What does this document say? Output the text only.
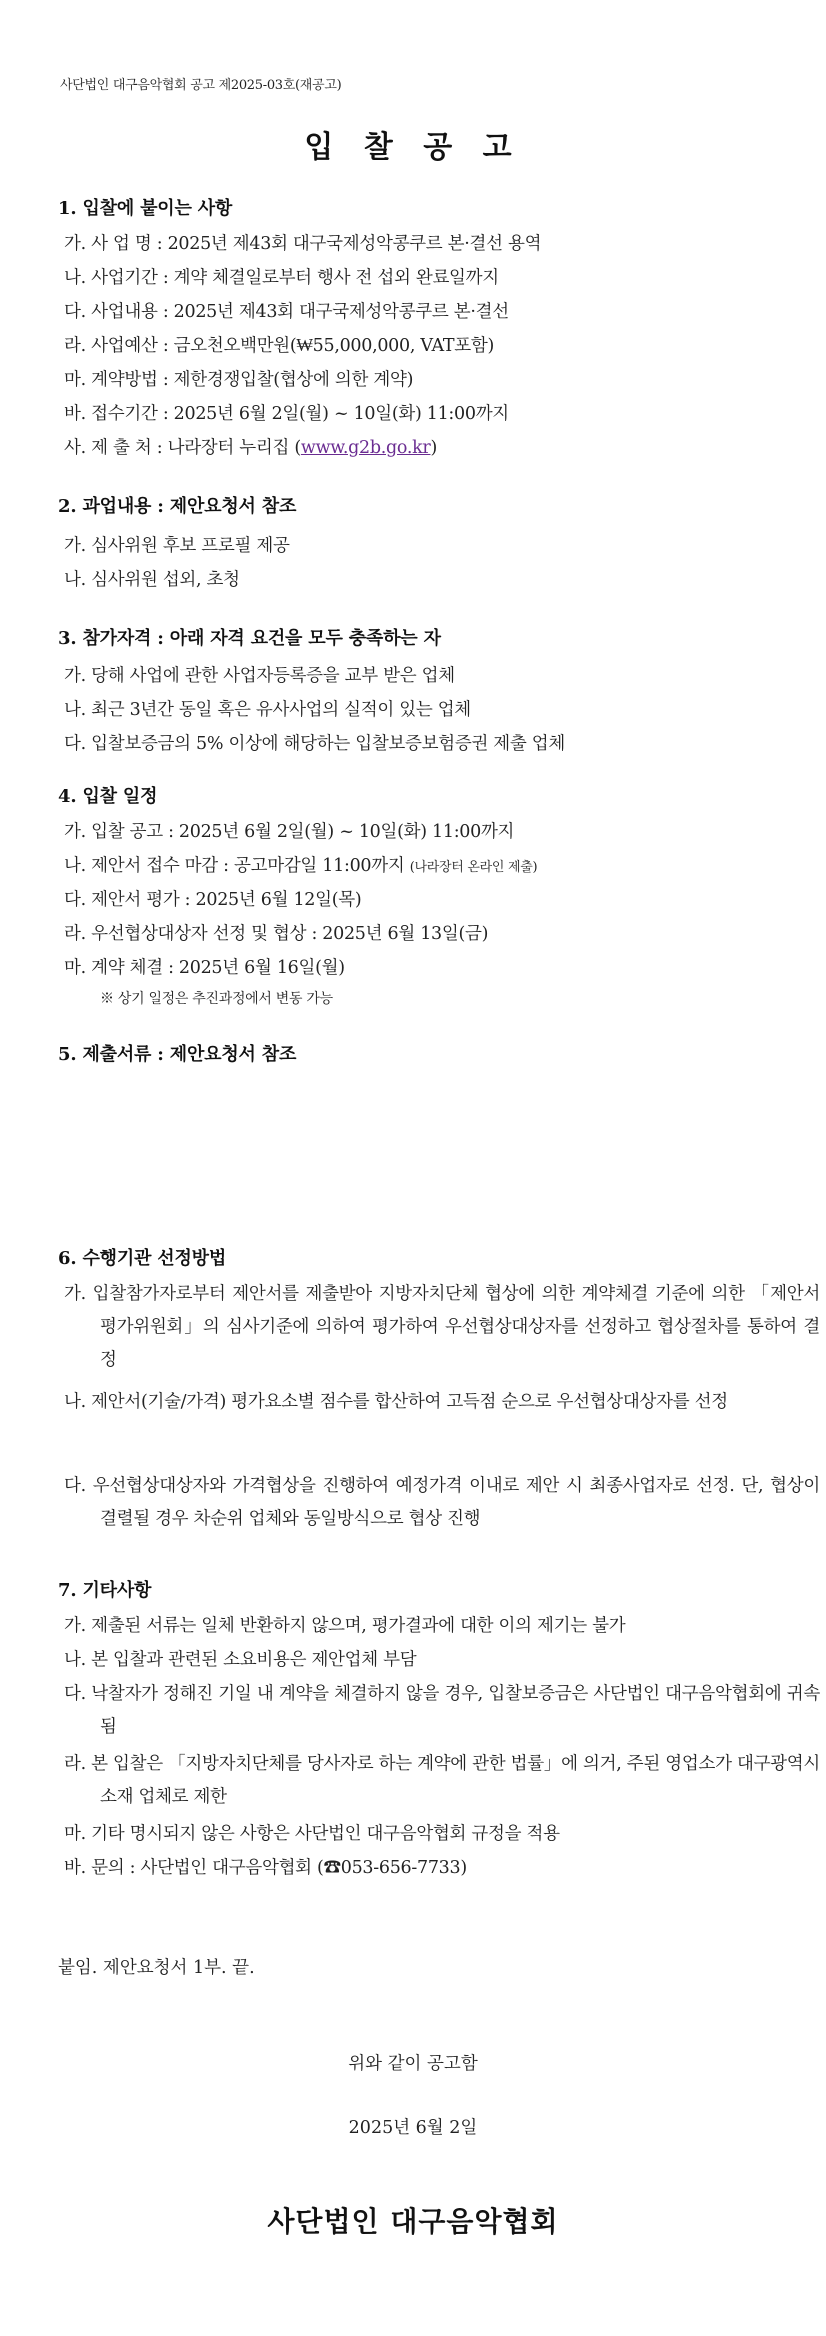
사단법인 대구음악협회 공고 제2025-03호(재공고)
입 찰 공 고
1. 입찰에 붙이는 사항
가. 사 업 명 : 2025년 제43회 대구국제성악콩쿠르 본·결선 용역
나. 사업기간 : 계약 체결일로부터 행사 전 섭외 완료일까지
다. 사업내용 : 2025년 제43회 대구국제성악콩쿠르 본·결선
라. 사업예산 : 금오천오백만원(₩55,000,000, VAT포함)
마. 계약방법 : 제한경쟁입찰(협상에 의한 계약)
바. 접수기간 : 2025년 6월 2일(월) ~ 10일(화) 11:00까지
사. 제 출 처 : 나라장터 누리집 (www.g2b.go.kr)
2. 과업내용 : 제안요청서 참조
가. 심사위원 후보 프로필 제공
나. 심사위원 섭외, 초청
3. 참가자격 : 아래 자격 요건을 모두 충족하는 자
가. 당해 사업에 관한 사업자등록증을 교부 받은 업체
나. 최근 3년간 동일 혹은 유사사업의 실적이 있는 업체
다. 입찰보증금의 5% 이상에 해당하는 입찰보증보험증권 제출 업체
4. 입찰 일정
가. 입찰 공고 : 2025년 6월 2일(월) ~ 10일(화) 11:00까지
나. 제안서 접수 마감 : 공고마감일 11:00까지 (나라장터 온라인 제출)
다. 제안서 평가 : 2025년 6월 12일(목)
라. 우선협상대상자 선정 및 협상 : 2025년 6월 13일(금)
마. 계약 체결 : 2025년 6월 16일(월)
※ 상기 일정은 추진과정에서 변동 가능
5. 제출서류 : 제안요청서 참조
6. 수행기관 선정방법
가. 입찰참가자로부터 제안서를 제출받아 지방자치단체 협상에 의한 계약체결 기준에 의한 「제안서 평가위원회」의 심사기준에 의하여 평가하여 우선협상대상자를 선정하고 협상절차를 통하여 결정
나. 제안서(기술/가격) 평가요소별 점수를 합산하여 고득점 순으로 우선협상대상자를 선정
다. 우선협상대상자와 가격협상을 진행하여 예정가격 이내로 제안 시 최종사업자로 선정. 단, 협상이 결렬될 경우 차순위 업체와 동일방식으로 협상 진행
7. 기타사항
가. 제출된 서류는 일체 반환하지 않으며, 평가결과에 대한 이의 제기는 불가
나. 본 입찰과 관련된 소요비용은 제안업체 부담
다. 낙찰자가 정해진 기일 내 계약을 체결하지 않을 경우, 입찰보증금은 사단법인 대구음악협회에 귀속됨
라. 본 입찰은 「지방자치단체를 당사자로 하는 계약에 관한 법률」에 의거, 주된 영업소가 대구광역시 소재 업체로 제한
마. 기타 명시되지 않은 사항은 사단법인 대구음악협회 규정을 적용
바. 문의 : 사단법인 대구음악협회 (☎053-656-7733)
붙임. 제안요청서 1부. 끝.
위와 같이 공고함
2025년 6월 2일
사단법인 대구음악협회
